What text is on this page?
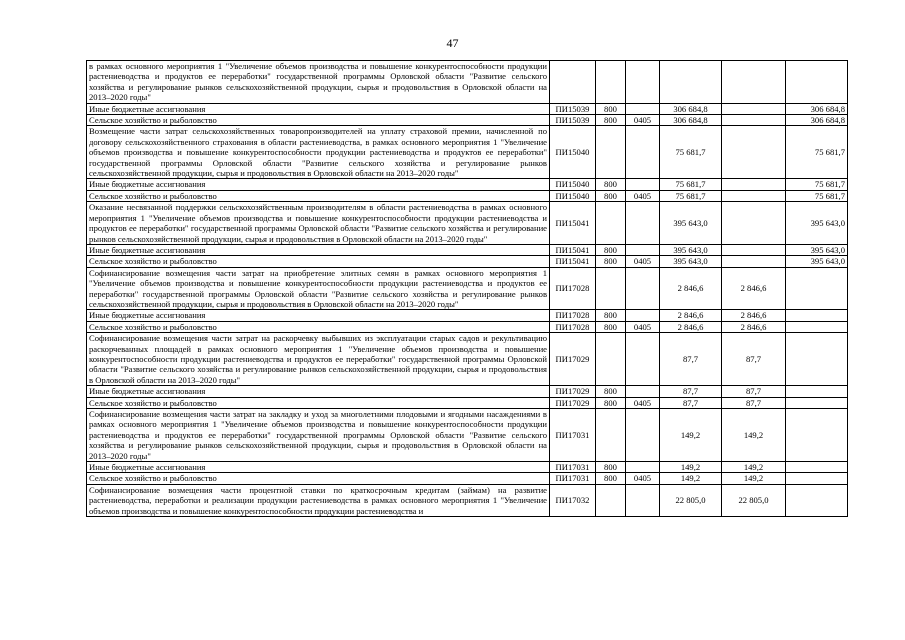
47
в рамках основного мероприятия 1 "Увеличение объемов производства и повышение конкурентоспособности продукции растениеводства и продуктов ее переработки" государственной программы Орловской области "Развитие сельского хозяйства и регулирование рынков сельскохозяйственной продукции, сырья и продовольствия в Орловской области на 2013–2020 годы"						
Иные бюджетные ассигнования	ПИ15039	800		306 684,8		306 684,8
Сельское хозяйство и рыболовство	ПИ15039	800	0405	306 684,8		306 684,8
Возмещение части затрат сельскохозяйственных товаропроизводителей на уплату страховой премии, начисленной по договору сельскохозяйственного страхования в области растениеводства, в рамках основного мероприятия 1 "Увеличение объемов производства и повышение конкурентоспособности продукции растениеводства и продуктов ее переработки" государственной программы Орловской области "Развитие сельского хозяйства и регулирование рынков сельскохозяйственной продукции, сырья и продовольствия в Орловской области на 2013–2020 годы"	ПИ15040			75 681,7		75 681,7
Иные бюджетные ассигнования	ПИ15040	800		75 681,7		75 681,7
Сельское хозяйство и рыболовство	ПИ15040	800	0405	75 681,7		75 681,7
Оказание несвязанной поддержки сельскохозяйственным производителям в области растениеводства в рамках основного мероприятия 1 "Увеличение объемов производства и повышение конкурентоспособности продукции растениеводства и продуктов ее переработки" государственной программы Орловской области "Развитие сельского хозяйства и регулирование рынков сельскохозяйственной продукции, сырья и продовольствия в Орловской области на 2013–2020 годы"	ПИ15041			395 643,0		395 643,0
Иные бюджетные ассигнования	ПИ15041	800		395 643,0		395 643,0
Сельское хозяйство и рыболовство	ПИ15041	800	0405	395 643,0		395 643,0
Софинансирование возмещения части затрат на приобретение элитных семян в рамках основного мероприятия 1 "Увеличение объемов производства и повышение конкурентоспособности продукции растениеводства и продуктов ее переработки" государственной программы Орловской области "Развитие сельского хозяйства и регулирование рынков сельскохозяйственной продукции, сырья и продовольствия в Орловской области на 2013–2020 годы"	ПИ17028			2 846,6	2 846,6	
Иные бюджетные ассигнования	ПИ17028	800		2 846,6	2 846,6	
Сельское хозяйство и рыболовство	ПИ17028	800	0405	2 846,6	2 846,6	
Софинансирование возмещения части затрат на раскорчевку выбывших из эксплуатации старых садов и рекультивацию раскорчеванных площадей в рамках основного мероприятия 1 "Увеличение объемов производства и повышение конкурентоспособности продукции растениеводства и продуктов ее переработки" государственной программы Орловской области "Развитие сельского хозяйства и регулирование рынков сельскохозяйственной продукции, сырья и продовольствия в Орловской области на 2013–2020 годы"	ПИ17029			87,7	87,7	
Иные бюджетные ассигнования	ПИ17029	800		87,7	87,7	
Сельское хозяйство и рыболовство	ПИ17029	800	0405	87,7	87,7	
Софинансирование возмещения части затрат на закладку и уход за многолетними плодовыми и ягодными насаждениями в рамках основного мероприятия 1 "Увеличение объемов производства и повышение конкурентоспособности продукции растениеводства и продуктов ее переработки" государственной программы Орловской области "Развитие сельского хозяйства и регулирование рынков сельскохозяйственной продукции, сырья и продовольствия в Орловской области на 2013–2020 годы"	ПИ17031			149,2	149,2	
Иные бюджетные ассигнования	ПИ17031	800		149,2	149,2	
Сельское хозяйство и рыболовство	ПИ17031	800	0405	149,2	149,2	
Софинансирование возмещения части процентной ставки по краткосрочным кредитам (займам) на развитие растениеводства, переработки и реализации продукции растениеводства в рамках основного мероприятия 1 "Увеличение объемов производства и повышение конкурентоспособности продукции растениеводства и	ПИ17032			22 805,0	22 805,0	
